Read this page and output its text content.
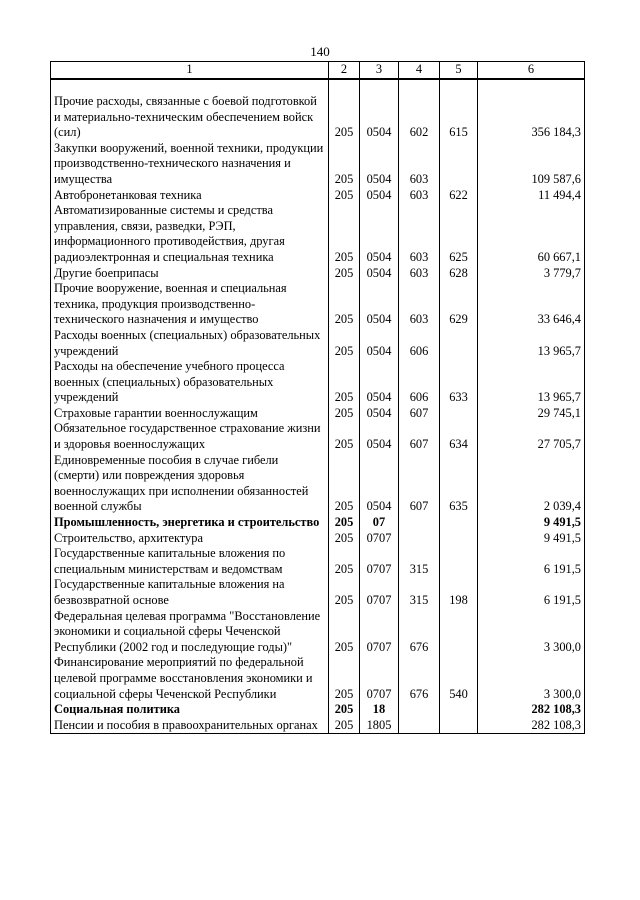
140
1	2	3	4	5	6

Прочие расходы, связанные с боевой подготовкой и материально-техническим обеспечением войск (сил)	205	0504	602	615	356 184,3
Закупки вооружений, военной техники, продукции производственно-технического назначения и имущества	205	0504	603		109 587,6
Автобронетанковая техника	205	0504	603	622	11 494,4
Автоматизированные системы и средства управления, связи, разведки, РЭП, информационного противодействия, другая радиоэлектронная и специальная техника	205	0504	603	625	60 667,1
Другие боеприпасы	205	0504	603	628	3 779,7
Прочие вооружение, военная и специальная техника, продукция производственно-технического назначения и имущество	205	0504	603	629	33 646,4
Расходы военных (специальных) образовательных учреждений	205	0504	606		13 965,7
Расходы на обеспечение учебного процесса военных (специальных) образовательных учреждений	205	0504	606	633	13 965,7
Страховые гарантии военнослужащим	205	0504	607		29 745,1
Обязательное государственное страхование жизни и здоровья военнослужащих	205	0504	607	634	27 705,7
Единовременные пособия в случае гибели (смерти) или повреждения здоровья военнослужащих при исполнении обязанностей военной службы	205	0504	607	635	2 039,4
Промышленность, энергетика и строительство	205	07			9 491,5
Строительство, архитектура	205	0707			9 491,5
Государственные капитальные вложения по специальным министерствам и ведомствам	205	0707	315		6 191,5
Государственные капитальные вложения на безвозвратной основе	205	0707	315	198	6 191,5
Федеральная целевая программа "Восстановление экономики и социальной сферы Чеченской Республики (2002 год и последующие годы)"	205	0707	676		3 300,0
Финансирование мероприятий по федеральной целевой программе восстановления экономики и социальной сферы Чеченской Республики	205	0707	676	540	3 300,0
Социальная политика	205	18			282 108,3
Пенсии и пособия в правоохранительных органах	205	1805			282 108,3
